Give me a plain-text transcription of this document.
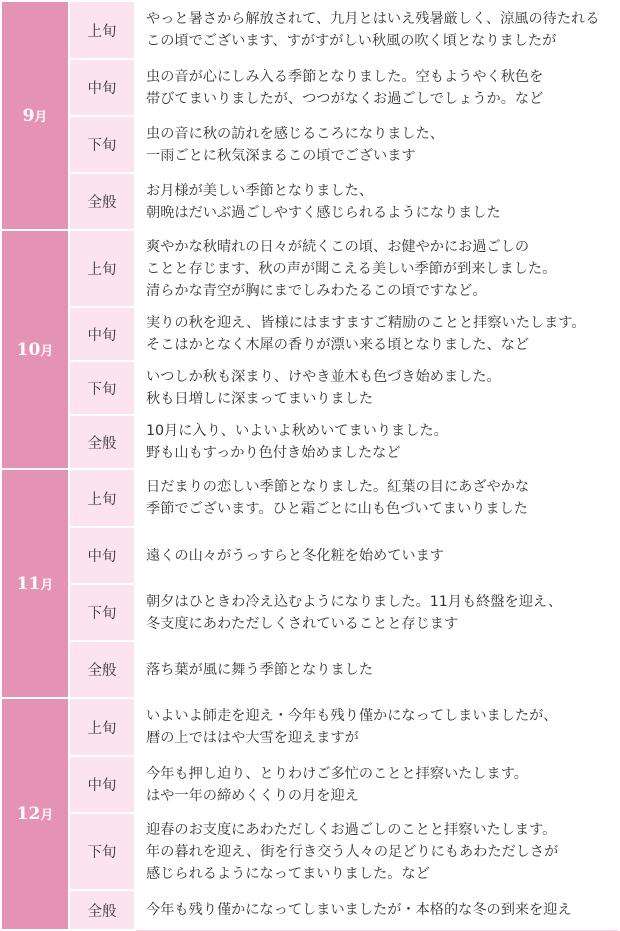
9月	上旬	やっと暑さから解放されて、九月とはいえ残暑厳しく、涼風の待たれる
この頃でございます、すがすがしい秋風の吹く頃となりましたが

	中旬	虫の音が心にしみ入る季節となりました。空もようやく秋色を
帯びてまいりましたが、つつがなくお過ごしでしょうか。など

	下旬	虫の音に秋の訪れを感じるころになりました、
一雨ごとに秋気深まるこの頃でございます

	全般	お月様が美しい季節となりました、
朝晩はだいぶ過ごしやすく感じられるようになりました

10月	上旬	爽やかな秋晴れの日々が続くこの頃、お健やかにお過ごしの
ことと存じます、秋の声が聞こえる美しい季節が到来しました。
清らかな青空が胸にまでしみわたるこの頃ですなど。

	中旬	実りの秋を迎え、皆様にはますますご精励のことと拝察いたします。
そこはかとなく木犀の香りが漂い来る頃となりました、など

	下旬	いつしか秋も深まり、けやき並木も色づき始めました。
秋も日増しに深まってまいりました

	全般	10月に入り、いよいよ秋めいてまいりました。
野も山もすっかり色付き始めましたなど

11月	上旬	日だまりの恋しい季節となりました。紅葉の目にあざやかな
季節でございます。ひと霜ごとに山も色づいてまいりました

	中旬	遠くの山々がうっすらと冬化粧を始めています

	下旬	朝夕はひときわ冷え込むようになりました。11月も終盤を迎え、
冬支度にあわただしくされていることと存じます

	全般	落ち葉が風に舞う季節となりました

12月	上旬	いよいよ師走を迎え・今年も残り僅かになってしまいましたが、
暦の上でははや大雪を迎えますが

	中旬	今年も押し迫り、とりわけご多忙のことと拝察いたします。
はや一年の締めくくりの月を迎え

	下旬	迎春のお支度にあわただしくお過ごしのことと拝察いたします。
年の暮れを迎え、街を行き交う人々の足どりにもあわただしさが
感じられるようになってまいりました。など

	全般	今年も残り僅かになってしまいましたが・本格的な冬の到来を迎え
